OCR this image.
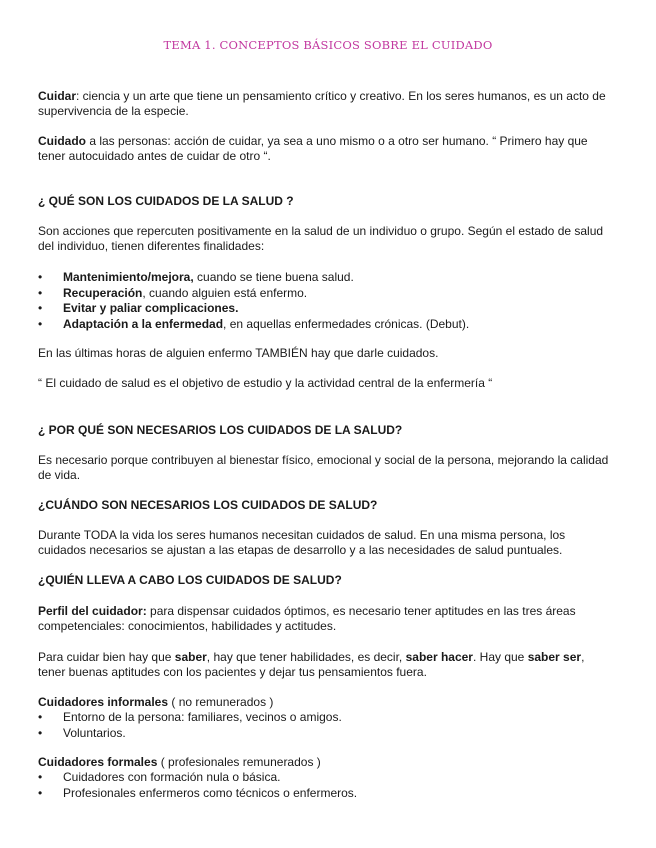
TEMA 1. CONCEPTOS BÁSICOS SOBRE EL CUIDADO

Cuidar: ciencia y un arte que tiene un pensamiento crítico y creativo. En los seres humanos, es un acto de supervivencia de la especie.

Cuidado a las personas: acción de cuidar, ya sea a uno mismo o a otro ser humano. “ Primero hay que tener autocuidado antes de cuidar de otro “.

¿ QUÉ SON LOS CUIDADOS DE LA SALUD ?

Son acciones que repercuten positivamente en la salud de un individuo o grupo. Según el estado de salud del individuo, tienen diferentes finalidades:

• Mantenimiento/mejora, cuando se tiene buena salud.
• Recuperación, cuando alguien está enfermo.
• Evitar y paliar complicaciones.
• Adaptación a la enfermedad, en aquellas enfermedades crónicas. (Debut).

En las últimas horas de alguien enfermo TAMBIÉN hay que darle cuidados.

“ El cuidado de salud es el objetivo de estudio y la actividad central de la enfermería “

¿ POR QUÉ SON NECESARIOS LOS CUIDADOS DE LA SALUD?

Es necesario porque contribuyen al bienestar físico, emocional y social de la persona, mejorando la calidad de vida.

¿CUÁNDO SON NECESARIOS LOS CUIDADOS DE SALUD?

Durante TODA la vida los seres humanos necesitan cuidados de salud. En una misma persona, los cuidados necesarios se ajustan a las etapas de desarrollo y a las necesidades de salud puntuales.

¿QUIÉN LLEVA A CABO LOS CUIDADOS DE SALUD?

Perfil del cuidador: para dispensar cuidados óptimos, es necesario tener aptitudes en las tres áreas competenciales: conocimientos, habilidades y actitudes.

Para cuidar bien hay que saber, hay que tener habilidades, es decir, saber hacer. Hay que saber ser, tener buenas aptitudes con los pacientes y dejar tus pensamientos fuera.

Cuidadores informales ( no remunerados )

• Entorno de la persona: familiares, vecinos o amigos.
• Voluntarios.

Cuidadores formales ( profesionales remunerados )

• Cuidadores con formación nula o básica.
• Profesionales enfermeros como técnicos o enfermeros.
